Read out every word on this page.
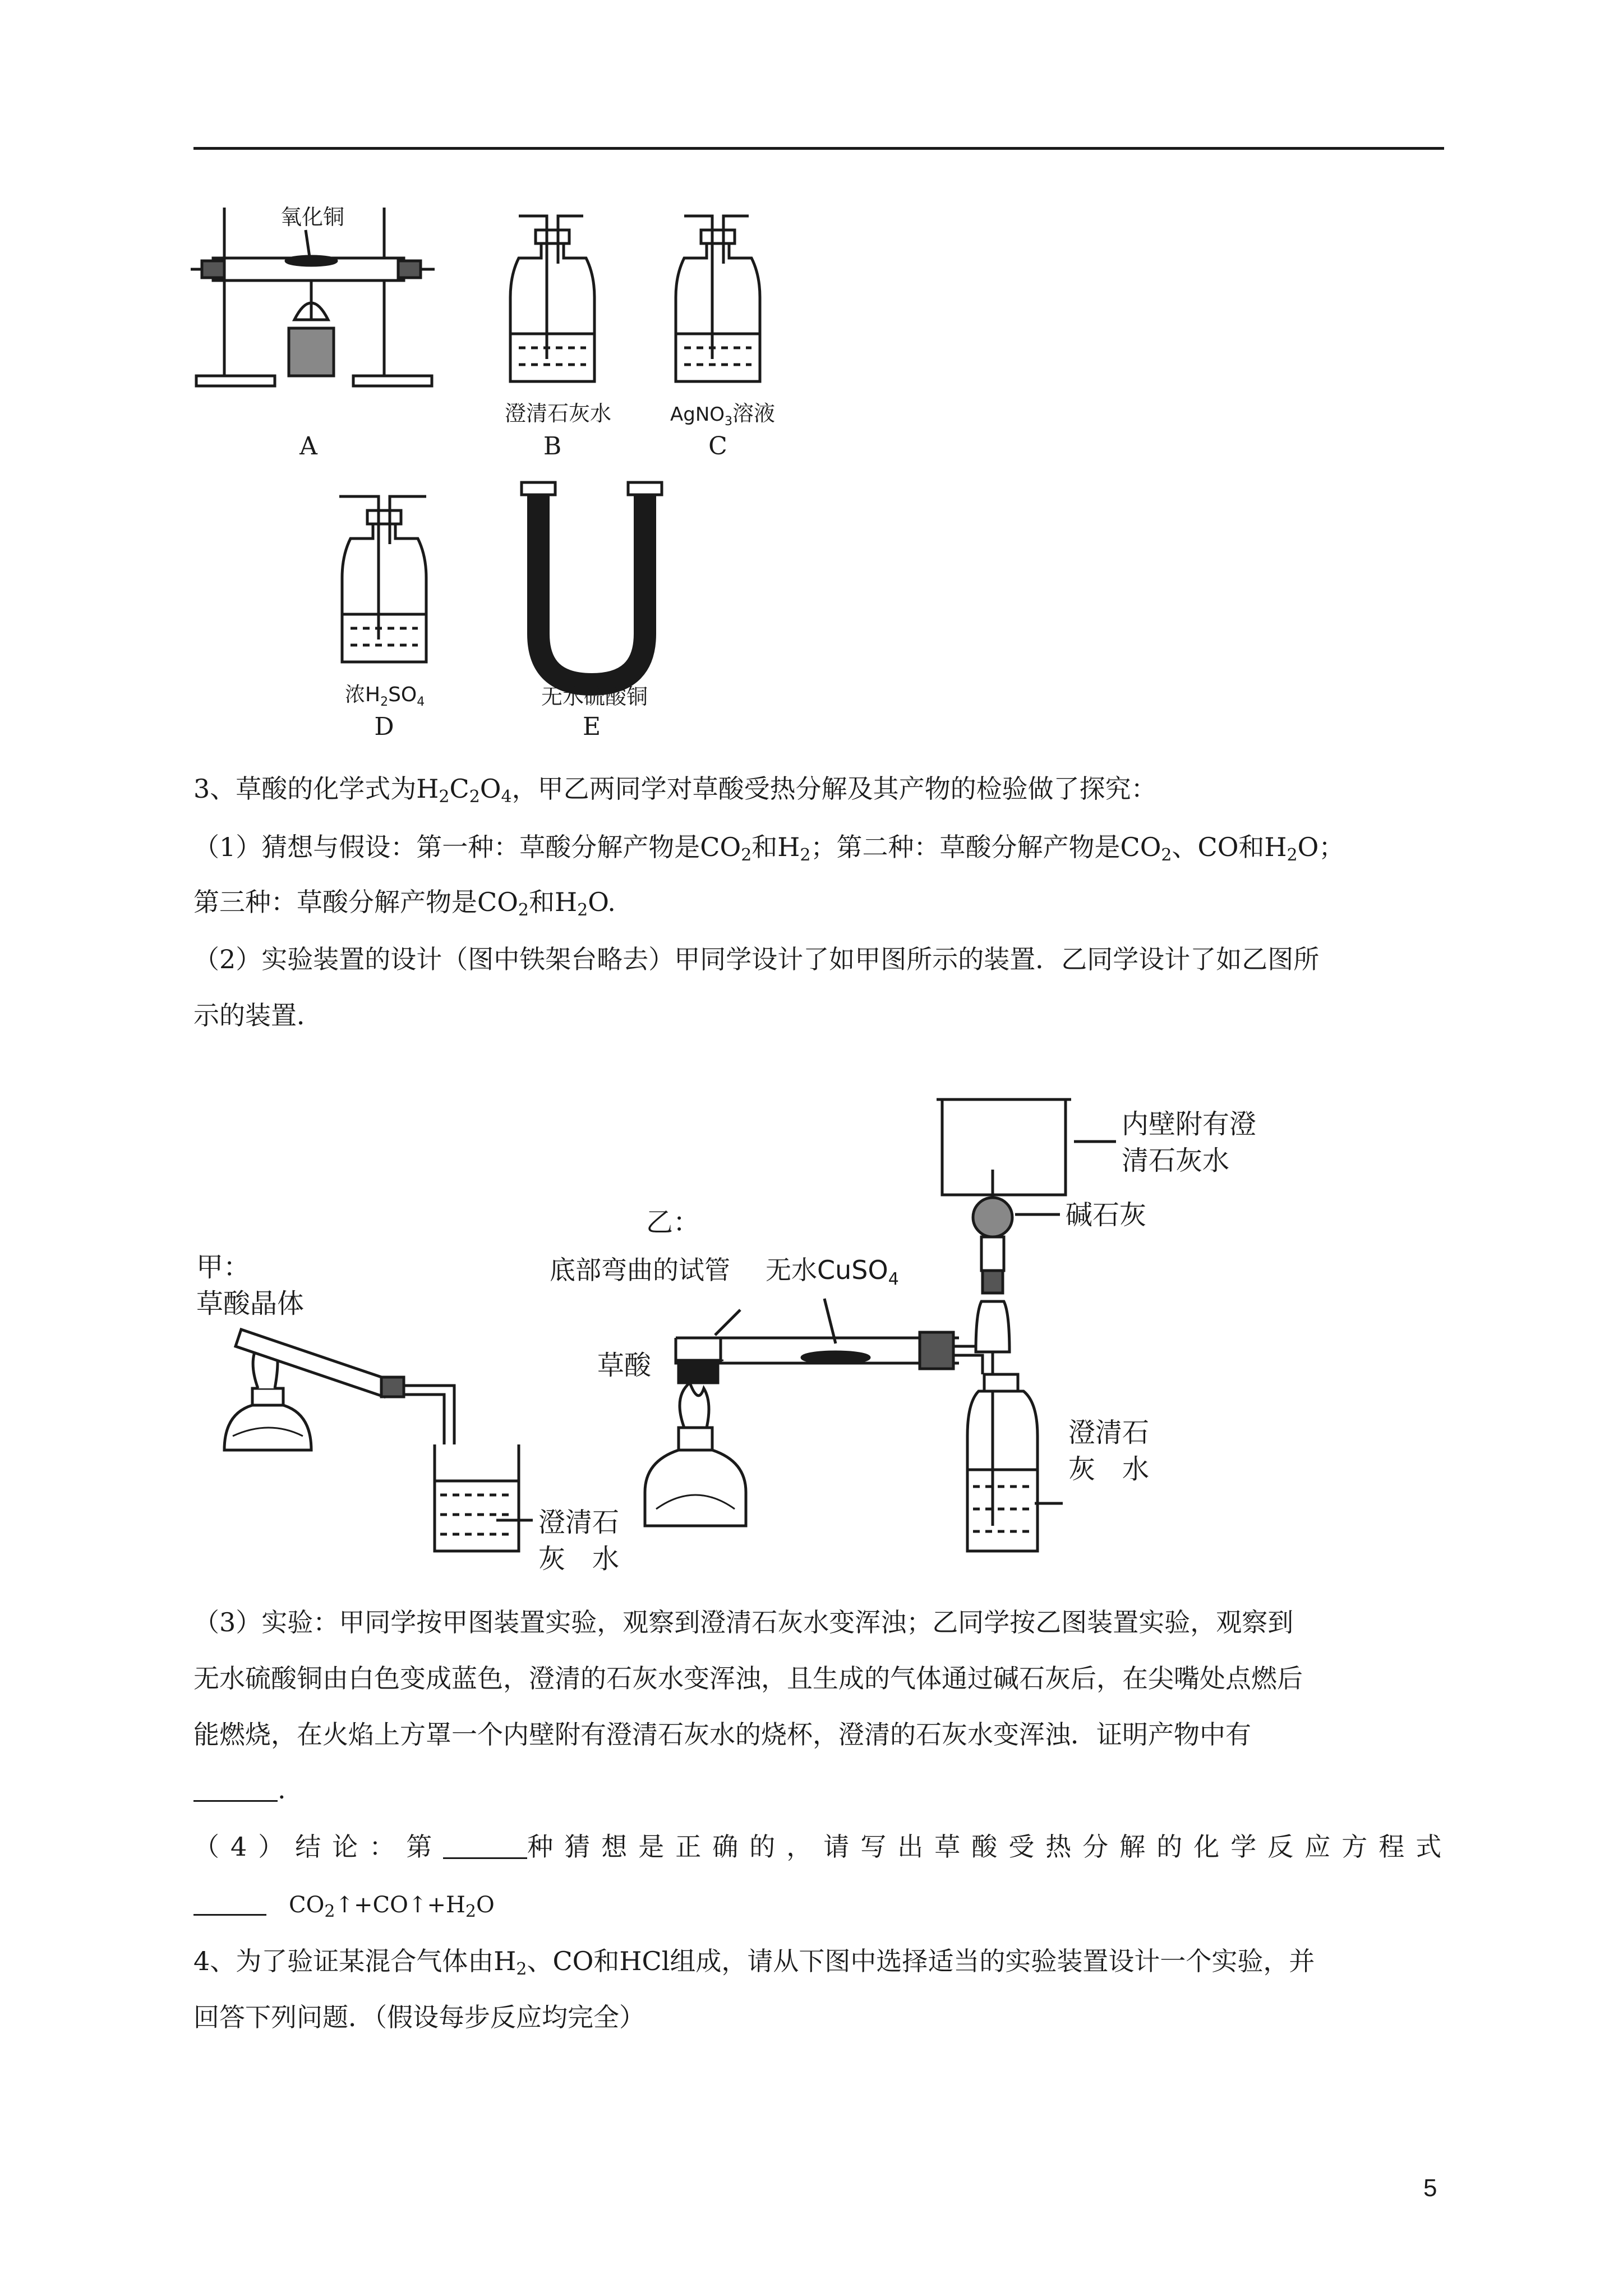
氧化铜
A
澄清石灰水
B
AgNO$_3$溶液
C
浓$H_2SO_4$
D
无水硫酸铜
E
3、草酸的化学式为$H_2C_2O_4$，甲乙两同学对草酸受热分解及其产物的检验做了探究：
（1）猜想与假设：第一种：草酸分解产物是$CO_2$和$H_2$；第二种：草酸分解产物是$CO_2$、CO和$H_2O$；
第三种：草酸分解产物是$CO_2$和$H_2O$.
（2）实验装置的设计（图中铁架台略去）甲同学设计了如甲图所示的装置．乙同学设计了如乙图所
示的装置．
甲：
草酸晶体
澄清石
灰　水
乙：
底部弯曲的试管 无水CuSO$_4$
草酸
内壁附有澄
清石灰水
碱石灰
澄清石
灰　水
（3）实验：甲同学按甲图装置实验，观察到澄清石灰水变浑浊；乙同学按乙图装置实验，观察到
无水硫酸铜由白色变成蓝色，澄清的石灰水变浑浊，且生成的气体通过碱石灰后，在尖嘴处点燃后
能燃烧，在火焰上方罩一个内壁附有澄清石灰水的烧杯，澄清的石灰水变浑浊．证明产物中有
.
（4）结论：第	种猜想是正确的，请写出草酸受热分解的化学反应方程式
 $CO_2↑+CO↑+H_2O$
4、为了验证某混合气体由$H_2$、CO和HCl组成，请从下图中选择适当的实验装置设计一个实验，并
回答下列问题．（假设每步反应均完全）
5
